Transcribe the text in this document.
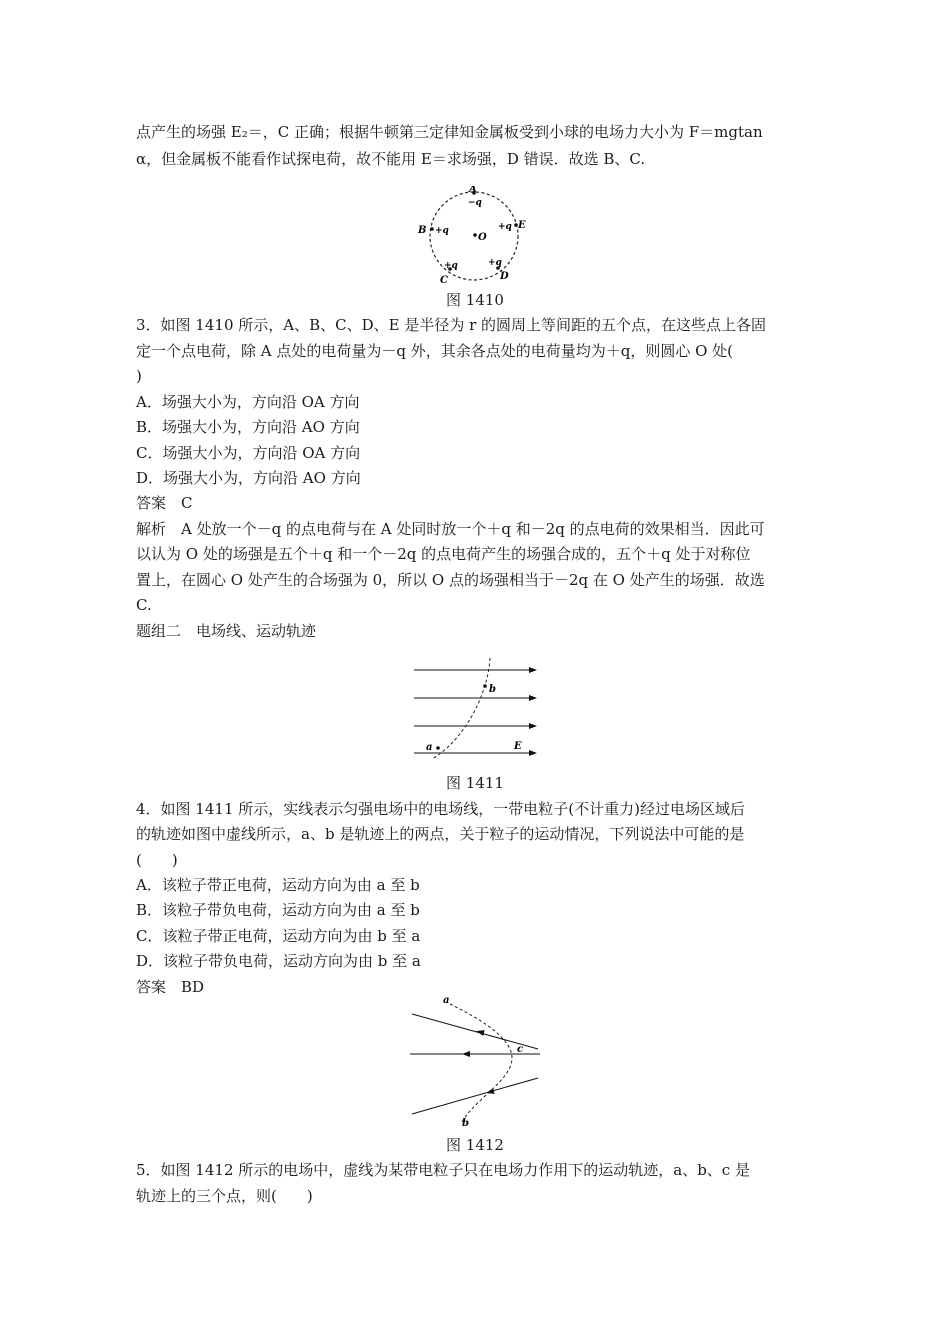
点产生的场强 E₂＝，C 正确；根据牛顿第三定律知金属板受到小球的电场力大小为 F＝mgtan
α，但金属板不能看作试探电荷，故不能用 E＝求场强，D 错误．故选 B、C.
A
−q
B +q
O
+q E
+q
C
+q
D
图 1410
3．如图 1410 所示，A、B、C、D、E 是半径为 r 的圆周上等间距的五个点，在这些点上各固
定一个点电荷，除 A 点处的电荷量为－q 外，其余各点处的电荷量均为＋q，则圆心 O 处(
)
A．场强大小为，方向沿 OA 方向
B．场强大小为，方向沿 AO 方向
C．场强大小为，方向沿 OA 方向
D．场强大小为，方向沿 AO 方向
答案　C
解析　A 处放一个－q 的点电荷与在 A 处同时放一个＋q 和－2q 的点电荷的效果相当．因此可
以认为 O 处的场强是五个＋q 和一个－2q 的点电荷产生的场强合成的，五个＋q 处于对称位
置上，在圆心 O 处产生的合场强为 0，所以 O 点的场强相当于－2q 在 O 处产生的场强．故选
C.
题组二　电场线、运动轨迹
b
a	E
图 1411
4．如图 1411 所示，实线表示匀强电场中的电场线，一带电粒子(不计重力)经过电场区域后
的轨迹如图中虚线所示，a、b 是轨迹上的两点，关于粒子的运动情况，下列说法中可能的是
(　　)
A．该粒子带正电荷，运动方向为由 a 至 b
B．该粒子带负电荷，运动方向为由 a 至 b
C．该粒子带正电荷，运动方向为由 b 至 a
D．该粒子带负电荷，运动方向为由 b 至 a
答案　BD
a
c
b
图 1412
5．如图 1412 所示的电场中，虚线为某带电粒子只在电场力作用下的运动轨迹，a、b、c 是
轨迹上的三个点，则(　　)
